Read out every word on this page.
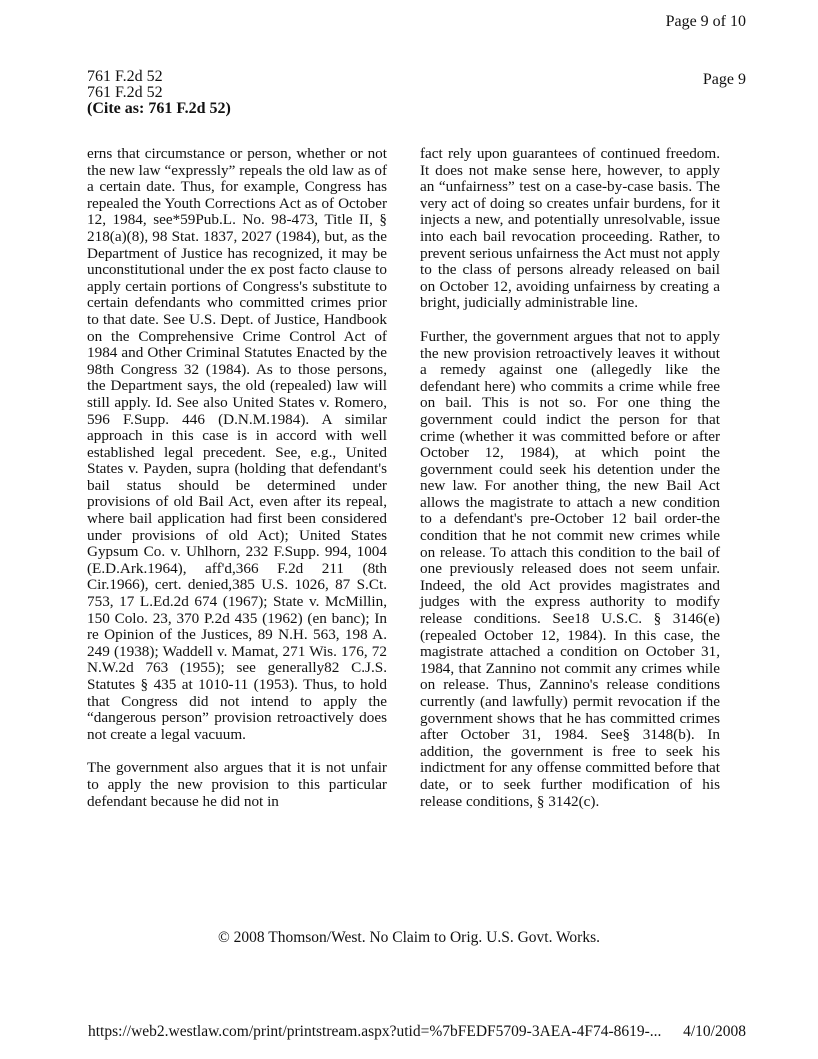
Page 9 of 10
761 F.2d 52
761 F.2d 52
(Cite as: 761 F.2d 52)
Page 9

erns that circumstance or person, whether or not the new law “expressly” repeals the old law as of a certain date. Thus, for example, Congress has repealed the Youth Corrections Act as of October 12, 1984, see*59Pub.L. No. 98-473, Title II, § 218(a)(8), 98 Stat. 1837, 2027 (1984), but, as the Department of Justice has recognized, it may be unconstitutional under the ex post facto clause to apply certain portions of Congress's substitute to certain defendants who committed crimes prior to that date. See U.S. Dept. of Justice, Handbook on the Comprehensive Crime Control Act of 1984 and Other Criminal Statutes Enacted by the 98th Congress 32 (1984). As to those persons, the Department says, the old (repealed) law will still apply. Id. See also United States v. Romero, 596 F.Supp. 446 (D.N.M.1984). A similar approach in this case is in accord with well established legal precedent. See, e.g., United States v. Payden, supra (holding that defendant's bail status should be determined under provisions of old Bail Act, even after its repeal, where bail application had first been considered under provisions of old Act); United States Gypsum Co. v. Uhlhorn, 232 F.Supp. 994, 1004 (E.D.Ark.1964), aff'd,366 F.2d 211 (8th Cir.1966), cert. denied,385 U.S. 1026, 87 S.Ct. 753, 17 L.Ed.2d 674 (1967); State v. McMillin, 150 Colo. 23, 370 P.2d 435 (1962) (en banc); In re Opinion of the Justices, 89 N.H. 563, 198 A. 249 (1938); Waddell v. Mamat, 271 Wis. 176, 72 N.W.2d 763 (1955); see generally82 C.J.S. Statutes § 435 at 1010-11 (1953). Thus, to hold that Congress did not intend to apply the “dangerous person” provision retroactively does not create a legal vacuum.

The government also argues that it is not unfair to apply the new provision to this particular defendant because he did not in

fact rely upon guarantees of continued freedom. It does not make sense here, however, to apply an “unfairness” test on a case-by-case basis. The very act of doing so creates unfair burdens, for it injects a new, and potentially unresolvable, issue into each bail revocation proceeding. Rather, to prevent serious unfairness the Act must not apply to the class of persons already released on bail on October 12, avoiding unfairness by creating a bright, judicially administrable line.

Further, the government argues that not to apply the new provision retroactively leaves it without a remedy against one (allegedly like the defendant here) who commits a crime while free on bail. This is not so. For one thing the government could indict the person for that crime (whether it was committed before or after October 12, 1984), at which point the government could seek his detention under the new law. For another thing, the new Bail Act allows the magistrate to attach a new condition to a defendant's pre-October 12 bail order-the condition that he not commit new crimes while on release. To attach this condition to the bail of one previously released does not seem unfair. Indeed, the old Act provides magistrates and judges with the express authority to modify release conditions. See18 U.S.C. § 3146(e) (repealed October 12, 1984). In this case, the magistrate attached a condition on October 31, 1984, that Zannino not commit any crimes while on release. Thus, Zannino's release conditions currently (and lawfully) permit revocation if the government shows that he has committed crimes after October 31, 1984. See§ 3148(b). In addition, the government is free to seek his indictment for any offense committed before that date, or to seek further modification of his release conditions, § 3142(c).

© 2008 Thomson/West. No Claim to Orig. U.S. Govt. Works.
https://web2.westlaw.com/print/printstream.aspx?utid=%7bFEDF5709-3AEA-4F74-8619-... 4/10/2008
